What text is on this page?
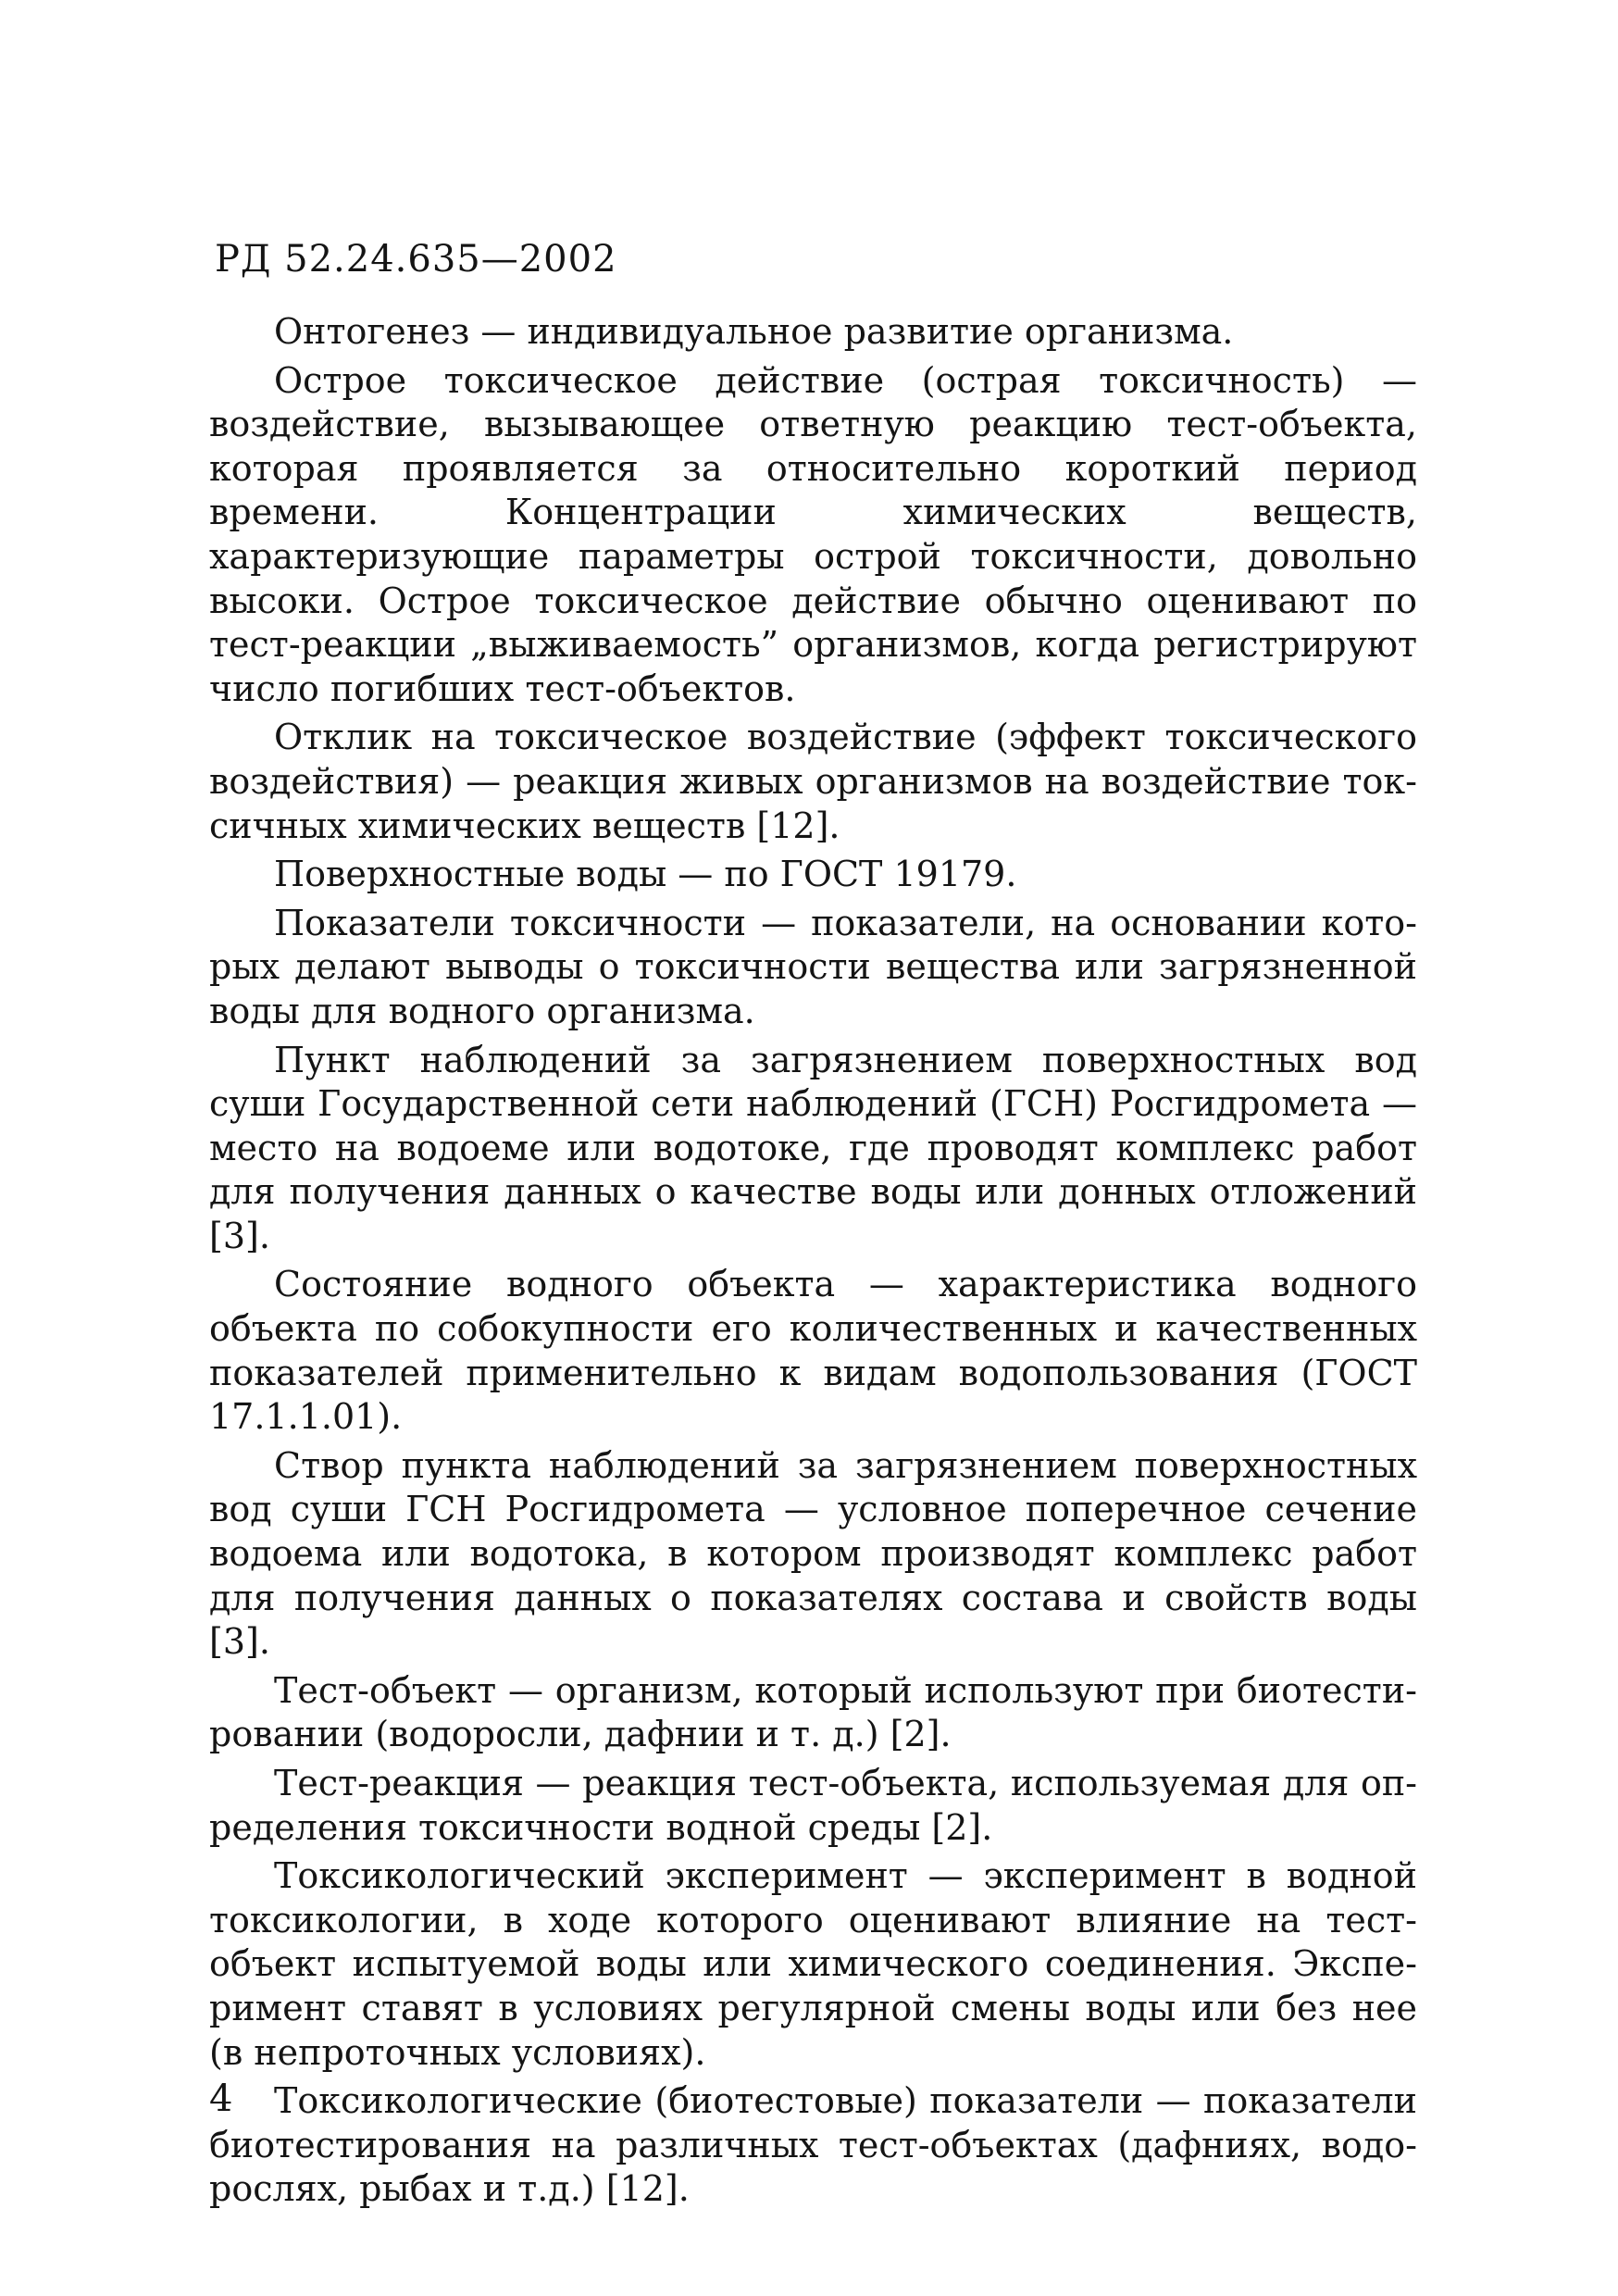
РД 52.24.635—2002

Онтогенез — индивидуальное развитие организма.

Острое токсическое действие (острая токсичность) — воздействие, вызывающее ответную реакцию тест-объекта, которая проявляется за относительно короткий период времени. Концентрации химических веществ, характеризующие параметры острой токсичности, довольно высоки. Острое токсическое действие обычно оценивают по тест-реакции „выживаемость” организмов, когда регистрируют число погибших тест-объектов.

Отклик на токсическое воздействие (эффект токсического воздействия) — реакция живых организмов на воздействие токсичных химических веществ [12].

Поверхностные воды — по ГОСТ 19179.

Показатели токсичности — показатели, на основании которых делают выводы о токсичности вещества или загрязненной воды для водного организма.

Пункт наблюдений за загрязнением поверхностных вод суши Государственной сети наблюдений (ГСН) Росгидромета — место на водоеме или водотоке, где проводят комплекс работ для получения данных о качестве воды или донных отложений [3].

Состояние водного объекта — характеристика водного объекта по собокупности его количественных и качественных показателей применительно к видам водопользования (ГОСТ 17.1.1.01).

Створ пункта наблюдений за загрязнением поверхностных вод суши ГСН Росгидромета — условное поперечное сечение водоема или водотока, в котором производят комплекс работ для получения данных о показателях состава и свойств воды [3].

Тест-объект — организм, который используют при биотестировании (водоросли, дафнии и т. д.) [2].

Тест-реакция — реакция тест-объекта, используемая для определения токсичности водной среды [2].

Токсикологический эксперимент — эксперимент в водной токсикологии, в ходе которого оценивают влияние на тест-объект испытуемой воды или химического соединения. Эксперимент ставят в условиях регулярной смены воды или без нее (в непроточных условиях).

Токсикологические (биотестовые) показатели — показатели биотестирования на различных тест-объектах (дафниях, водорослях, рыбах и т.д.) [12].

4
